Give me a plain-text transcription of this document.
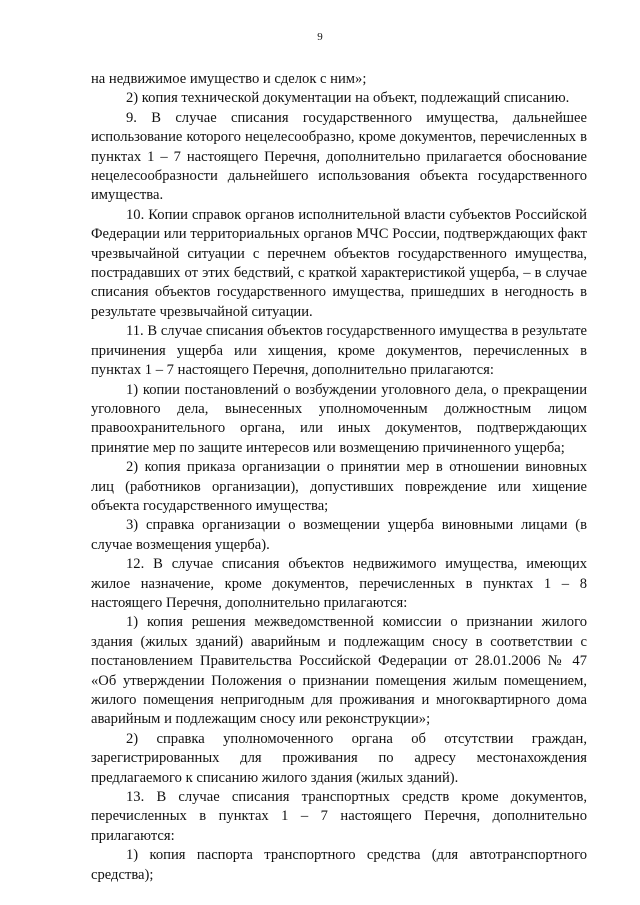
9

на недвижимое имущество и сделок с ним»;

2) копия технической документации на объект, подлежащий списанию.

9. В случае списания государственного имущества, дальнейшее использование которого нецелесообразно, кроме документов, перечисленных в пунктах 1 – 7 настоящего Перечня, дополнительно прилагается обоснование нецелесообразности дальнейшего использования объекта государственного имущества.

10. Копии справок органов исполнительной власти субъектов Российской Федерации или территориальных органов МЧС России, подтверждающих факт чрезвычайной ситуации с перечнем объектов государственного имущества, пострадавших от этих бедствий, с краткой характеристикой ущерба, – в случае списания объектов государственного имущества, пришедших в негодность в результате чрезвычайной ситуации.

11. В случае списания объектов государственного имущества в результате причинения ущерба или хищения, кроме документов, перечисленных в пунктах 1 – 7 настоящего Перечня, дополнительно прилагаются:

1) копии постановлений о возбуждении уголовного дела, о прекращении уголовного дела, вынесенных уполномоченным должностным лицом правоохранительного органа, или иных документов, подтверждающих принятие мер по защите интересов или возмещению причиненного ущерба;

2) копия приказа организации о принятии мер в отношении виновных лиц (работников организации), допустивших повреждение или хищение объекта государственного имущества;

3) справка организации о возмещении ущерба виновными лицами (в случае возмещения ущерба).

12. В случае списания объектов недвижимого имущества, имеющих жилое назначение, кроме документов, перечисленных в пунктах 1 – 8 настоящего Перечня, дополнительно прилагаются:

1) копия решения межведомственной комиссии о признании жилого здания (жилых зданий) аварийным и подлежащим сносу в соответствии с постановлением Правительства Российской Федерации от 28.01.2006 № 47 «Об утверждении Положения о признании помещения жилым помещением, жилого помещения непригодным для проживания и многоквартирного дома аварийным и подлежащим сносу или реконструкции»;

2) справка уполномоченного органа об отсутствии граждан, зарегистрированных для проживания по адресу местонахождения предлагаемого к списанию жилого здания (жилых зданий).

13. В случае списания транспортных средств кроме документов, перечисленных в пунктах 1 – 7 настоящего Перечня, дополнительно прилагаются:

1) копия паспорта транспортного средства (для автотранспортного средства);
